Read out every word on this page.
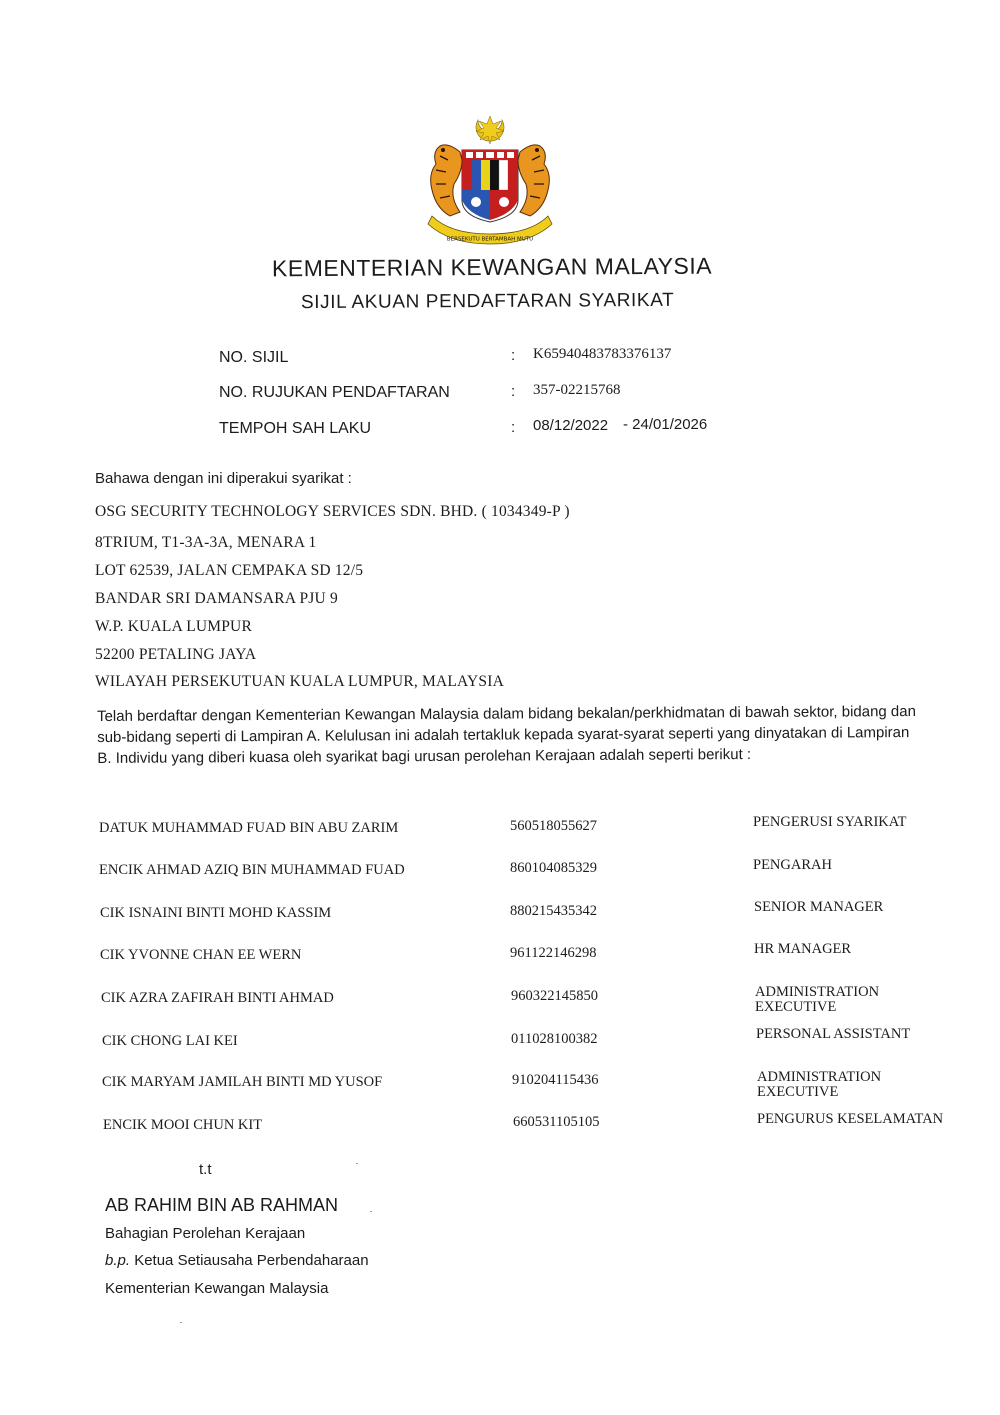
BERSEKUTU BERTAMBAH MUTU
KEMENTERIAN KEWANGAN MALAYSIA
SIJIL AKUAN PENDAFTARAN SYARIKAT
NO. SIJIL	: K65940483783376137
NO. RUJUKAN PENDAFTARAN	: 357-02215768
TEMPOH SAH LAKU	: 08/12/2022 - 24/01/2026
Bahawa dengan ini diperakui syarikat :
OSG SECURITY TECHNOLOGY SERVICES SDN. BHD. ( 1034349-P )
8TRIUM, T1-3A-3A, MENARA 1
LOT 62539, JALAN CEMPAKA SD 12/5
BANDAR SRI DAMANSARA PJU 9
W.P. KUALA LUMPUR
52200 PETALING JAYA
WILAYAH PERSEKUTUAN KUALA LUMPUR, MALAYSIA
Telah berdaftar dengan Kementerian Kewangan Malaysia dalam bidang bekalan/perkhidmatan di bawah sektor, bidang dan sub-bidang seperti di Lampiran A. Kelulusan ini adalah tertakluk kepada syarat-syarat seperti yang dinyatakan di Lampiran B. Individu yang diberi kuasa oleh syarikat bagi urusan perolehan Kerajaan adalah seperti berikut :
DATUK MUHAMMAD FUAD BIN ABU ZARIM	560518055627	PENGERUSI SYARIKAT
ENCIK AHMAD AZIQ BIN MUHAMMAD FUAD	860104085329	PENGARAH
CIK ISNAINI BINTI MOHD KASSIM	880215435342	SENIOR MANAGER
CIK YVONNE CHAN EE WERN	961122146298	HR MANAGER
CIK AZRA ZAFIRAH BINTI AHMAD	960322145850	ADMINISTRATION EXECUTIVE
CIK CHONG LAI KEI	011028100382	PERSONAL ASSISTANT
CIK MARYAM JAMILAH BINTI MD YUSOF	910204115436	ADMINISTRATION EXECUTIVE
ENCIK MOOI CHUN KIT	660531105105	PENGURUS KESELAMATAN
t.t
AB RAHIM BIN AB RAHMAN
Bahagian Perolehan Kerajaan
b.p. Ketua Setiausaha Perbendaharaan
Kementerian Kewangan Malaysia
